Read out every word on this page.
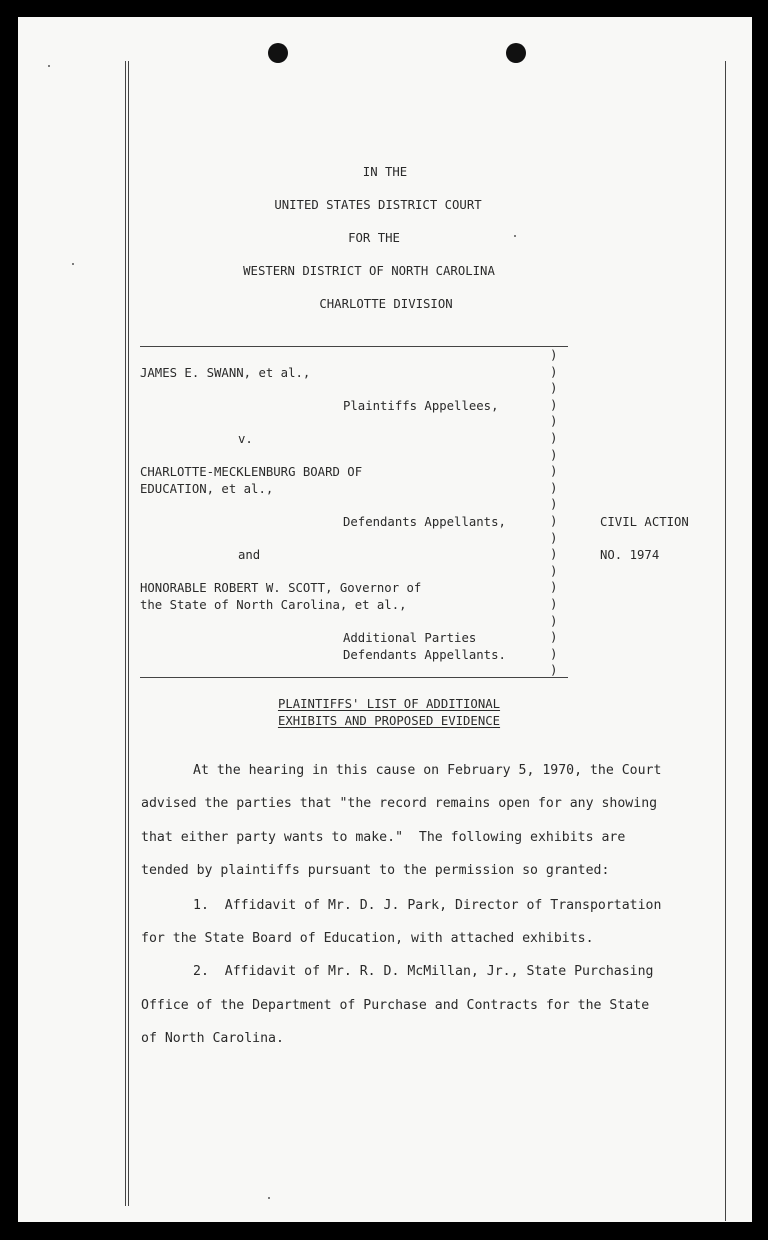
IN THE
UNITED STATES DISTRICT COURT
FOR THE
WESTERN DISTRICT OF NORTH CAROLINA
CHARLOTTE DIVISION
)
)
)
)
)
)
)
)
)
)
)
)
)
)
)
)
)
)
)
)
JAMES E. SWANN, et al.,
Plaintiffs Appellees,
v.
CHARLOTTE-MECKLENBURG BOARD OF
EDUCATION, et al.,
Defendants Appellants,
and
HONORABLE ROBERT W. SCOTT, Governor of
the State of North Carolina, et al.,
Additional Parties
Defendants Appellants.
CIVIL ACTION
NO. 1974
PLAINTIFFS' LIST OF ADDITIONAL
EXHIBITS AND PROPOSED EVIDENCE
At the hearing in this cause on February 5, 1970, the Court
advised the parties that "the record remains open for any showing
that either party wants to make."  The following exhibits are
tended by plaintiffs pursuant to the permission so granted:
1.  Affidavit of Mr. D. J. Park, Director of Transportation
for the State Board of Education, with attached exhibits.
2.  Affidavit of Mr. R. D. McMillan, Jr., State Purchasing
Office of the Department of Purchase and Contracts for the State
of North Carolina.
